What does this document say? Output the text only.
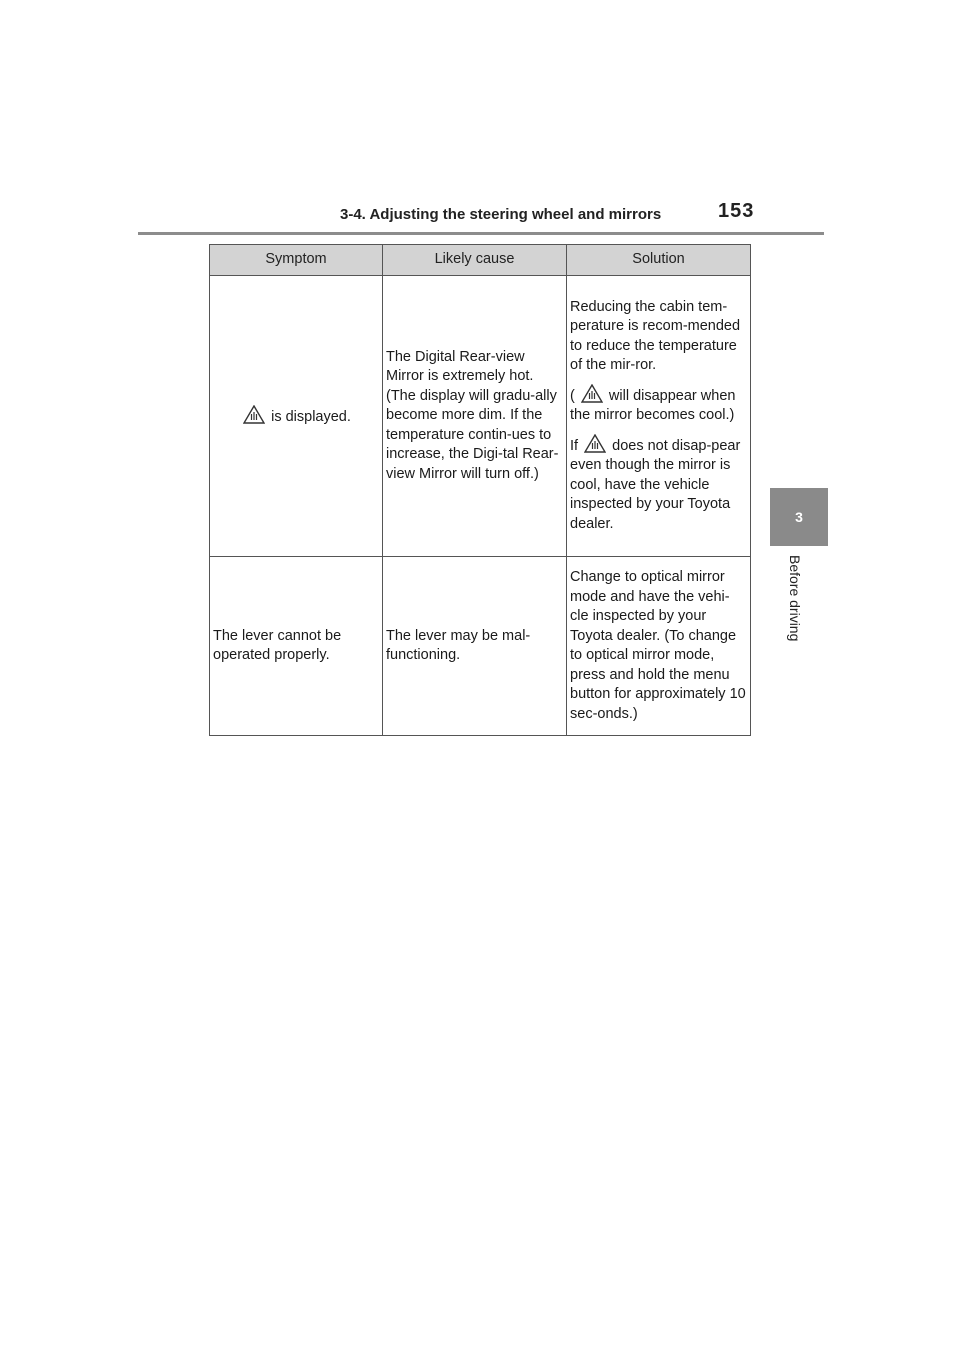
3-4. Adjusting the steering wheel and mirrors	153
3
Before driving
Symptom	Likely cause	Solution

is displayed.	The Digital Rear-view Mirror is extremely hot. (The display will gradu-ally become more dim. If the temperature contin-ues to increase, the Digi-tal Rear-view Mirror will turn off.)	Reducing the cabin tem-perature is recom-mended to reduce the temperature of the mir-ror.

( will disappear when the mirror becomes cool.)

If does not disap-pear even though the mirror is cool, have the vehicle inspected by your Toyota dealer.

The lever cannot be operated properly.	The lever may be mal-functioning.	Change to optical mirror mode and have the vehi-cle inspected by your Toyota dealer. (To change to optical mirror mode, press and hold the menu button for approximately 10 sec-onds.)
